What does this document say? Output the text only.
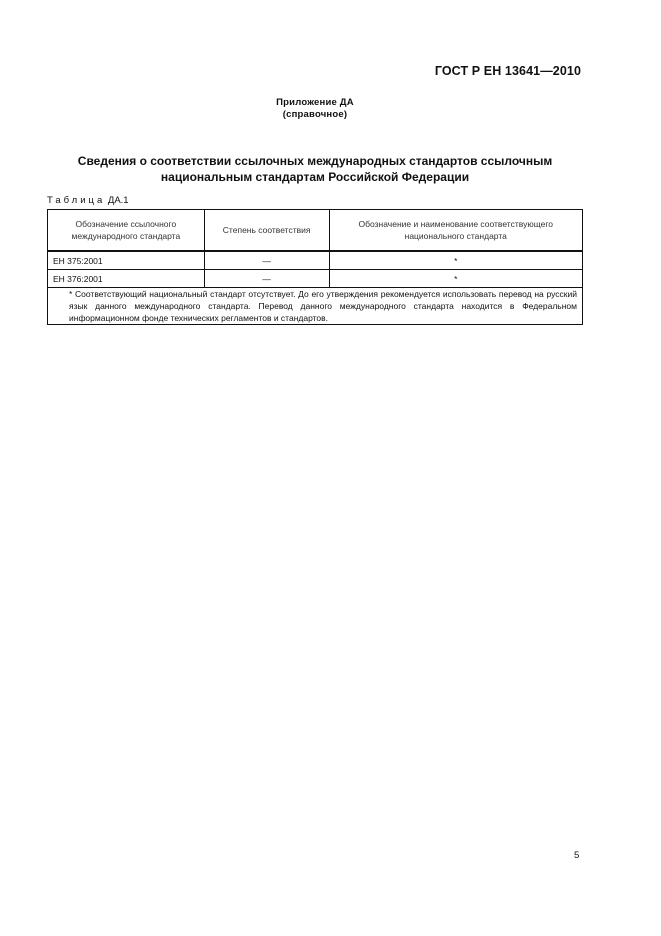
ГОСТ Р ЕН 13641—2010
Приложение ДА
(справочное)
Сведения о соответствии ссылочных международных стандартов ссылочным
национальным стандартам Российской Федерации
Таблица ДА.1
Обозначение ссылочного международного стандарта	Степень соответствия	Обозначение и наименование соответствующего национального стандарта
ЕН 375:2001	—	*
ЕН 376:2001	—	*

* Соответствующий национальный стандарт отсутствует. До его утверждения рекомендуется использовать перевод на русский язык данного международного стандарта. Перевод данного международного стандарта находится в Федеральном информационном фонде технических регламентов и стандартов.		
5
